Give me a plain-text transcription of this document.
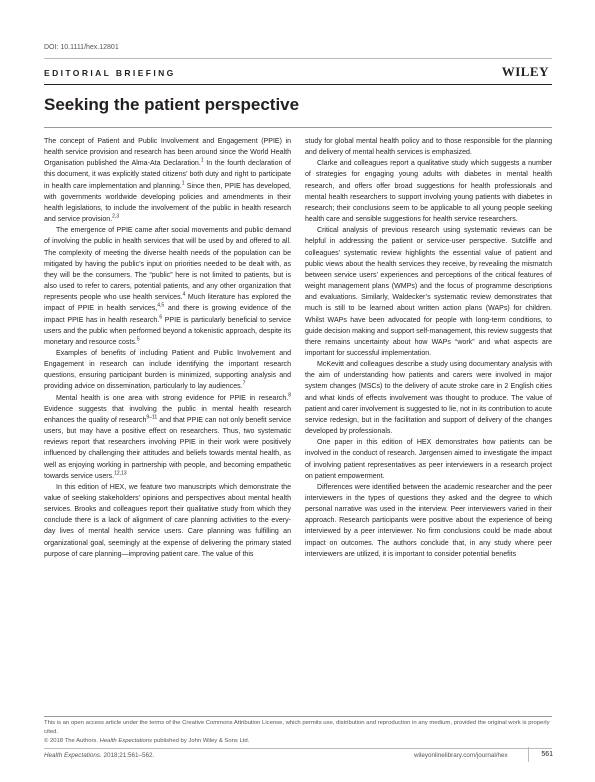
DOI: 10.1111/hex.12801
EDITORIAL BRIEFING	WILEY
Seeking the patient perspective

The concept of Patient and Public Involvement and Engagement (PPIE) in health service provision and research has been around since the World Health Organisation published the Alma-Ata Declaration.$^1$ In the fourth declaration of this document, it was explicitly stated citizens’ both duty and right to participate in health care implementation and planning.$^1$ Since then, PPIE has developed, with governments worldwide developing policies and amendments in their health legislations, to include the involvement of the public in health research and service provision.$^{2,3}$

The emergence of PPIE came after social movements and public demand of involving the public in health services that will be used by and offered to all. The complexity of meeting the diverse health needs of the population can be mitigated by having the public’s input on priorities needed to be dealt with, as they will be the consumers. The “public” here is not limited to patients, but is also used to refer to carers, potential patients, and any other organization that represents people who use health services.$^4$ Much literature has explored the impact of PPIE in health services,$^{4,5}$ and there is growing evidence of the impact PPIE has in health research.$^6$ PPIE is particularly beneficial to service users and the public when performed beyond a tokenistic approach, despite its monetary and resource costs.$^5$

Examples of benefits of including Patient and Public Involvement and Engagement in research can include identifying the important research questions, ensuring participant burden is minimized, supporting analysis and providing advice on dissemination, particularly to lay audiences.$^7$

Mental health is one area with strong evidence for PPIE in research.$^8$ Evidence suggests that involving the public in mental health research enhances the quality of research$^{9-11}$ and that PPIE can not only benefit service users, but may have a positive effect on researchers. Thus, two systematic reviews report that researchers involving PPIE in their work were positively influenced by challenging their attitudes and beliefs towards mental health, as well as enjoying working in partnership with people, and becoming empathetic towards service users.$^{12,13}$

In this edition of HEX, we feature two manuscripts which demonstrate the value of seeking stakeholders’ opinions and perspectives about mental health services. Brooks and colleagues report their qualitative study from which they conclude there is a lack of alignment of care planning activities to the every-day lives of mental health service users. Care planning was fulfilling an organizational goal, seemingly at the expense of delivering the primary stated purpose of care planning—improving patient care. The value of this

study for global mental health policy and to those responsible for the planning and delivery of mental health services is emphasized.

Clarke and colleagues report a qualitative study which suggests a number of strategies for engaging young adults with diabetes in mental health research, and offers offer broad suggestions for health professionals and mental health researchers to support involving young patients with diabetes in research; their conclusions seem to be applicable to all young people seeking health care and sensible suggestions for health service researchers.

Critical analysis of previous research using systematic reviews can be helpful in addressing the patient or service-user perspective. Sutcliffe and colleagues’ systematic review highlights the essential value of patient and public views about the health services they receive, by revealing the mismatch between service users’ experiences and perceptions of the critical features of weight management plans (WMPs) and the focus of programme descriptions and evaluations. Similarly, Waldecker’s systematic review demonstrates that much is still to be learned about written action plans (WAPs) for children. Whilst WAPs have been advocated for people with long-term conditions, to guide decision making and support self-management, this review suggests that there remains uncertainty about how WAPs “work” and what aspects are important for successful implementation.

McKevitt and colleagues describe a study using documentary analysis with the aim of understanding how patients and carers were involved in major system changes (MSCs) to the delivery of acute stroke care in 2 English cities and what kinds of effects involvement was thought to produce. The value of patient and carer involvement is suggested to lie, not in its contribution to acute service redesign, but in the facilitation and support of delivery of the changes developed by professionals.

One paper in this edition of HEX demonstrates how patients can be involved in the conduct of research. Jørgensen aimed to investigate the impact of involving patient representatives as peer interviewers in a research project on patient empowerment.

Differences were identified between the academic researcher and the peer interviewers in the types of questions they asked and the degree to which personal narrative was used in the interview. Peer interviewers varied in their approach. Research participants were positive about the experience of being interviewed by a peer interviewer. No firm conclusions could be made about impact on outcomes. The authors conclude that, in any study where peer interviewers are utilized, it is important to consider potential benefits

This is an open access article under the terms of the Creative Commons Attribution License, which permits use, distribution and reproduction in any medium, provided the original work is properly cited.

© 2018 The Authors. Health Expectations published by John Wiley & Sons Ltd.
Health Expectations. 2018;21:561–562.	wileyonlinelibrary.com/journal/hex	561
